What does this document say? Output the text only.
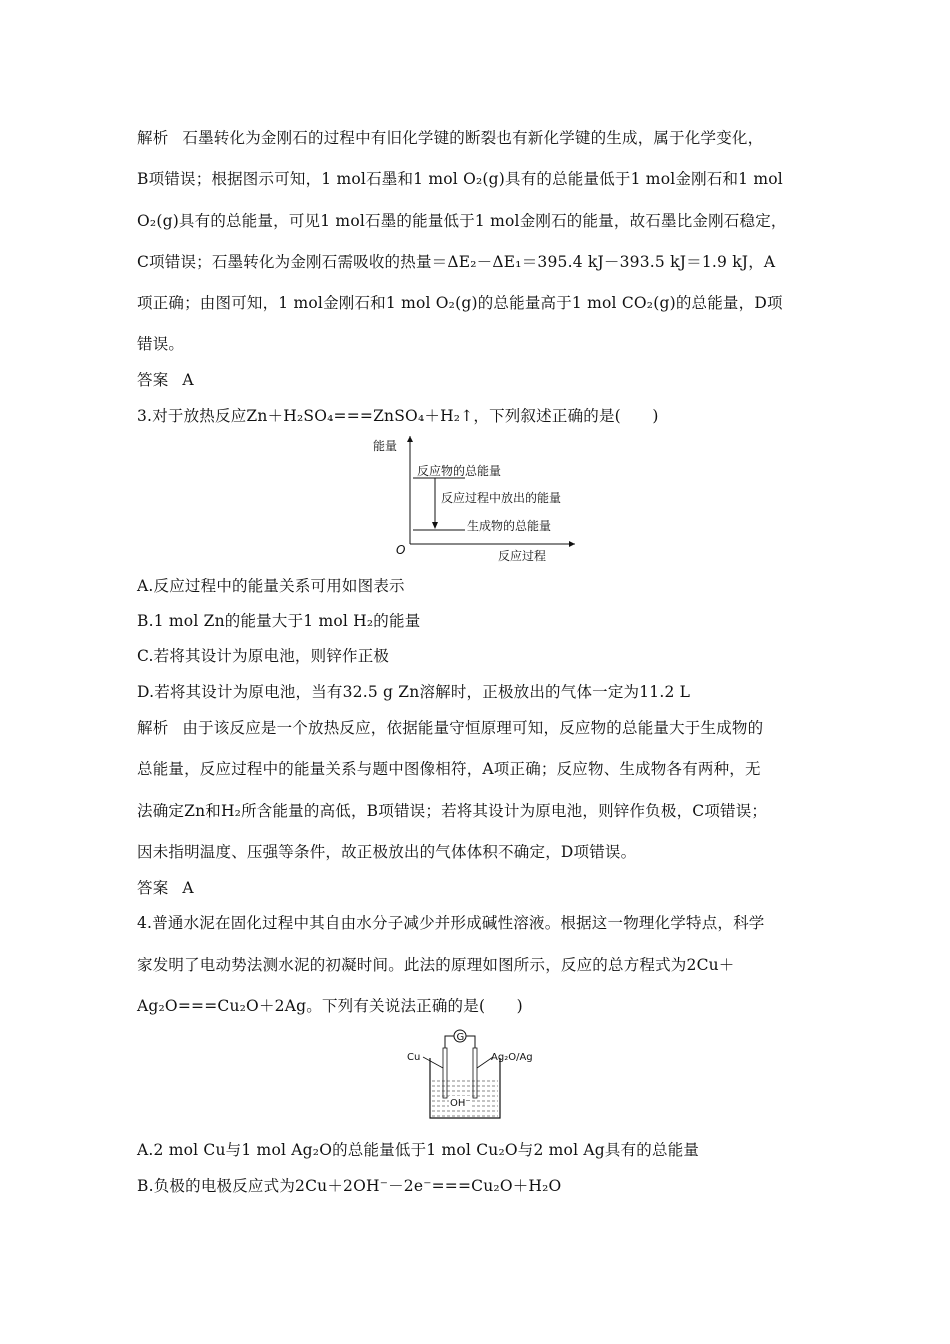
解析 石墨转化为金刚石的过程中有旧化学键的断裂也有新化学键的生成，属于化学变化，
B项错误；根据图示可知，1 mol石墨和1 mol O₂(g)具有的总能量低于1 mol金刚石和1 mol
O₂(g)具有的总能量，可见1 mol石墨的能量低于1 mol金刚石的能量，故石墨比金刚石稳定，
C项错误；石墨转化为金刚石需吸收的热量＝ΔE₂－ΔE₁＝395.4 kJ－393.5 kJ＝1.9 kJ，A
项正确；由图可知，1 mol金刚石和1 mol O₂(g)的总能量高于1 mol CO₂(g)的总能量，D项
错误。
答案 A
3.对于放热反应Zn＋H₂SO₄===ZnSO₄＋H₂↑，下列叙述正确的是(　　)
能量
O	反应过程
反应物的总能量
反应过程中放出的能量
生成物的总能量
A.反应过程中的能量关系可用如图表示
B.1 mol Zn的能量大于1 mol H₂的能量
C.若将其设计为原电池，则锌作正极
D.若将其设计为原电池，当有32.5 g Zn溶解时，正极放出的气体一定为11.2 L
解析 由于该反应是一个放热反应，依据能量守恒原理可知，反应物的总能量大于生成物的
总能量，反应过程中的能量关系与题中图像相符，A项正确；反应物、生成物各有两种，无
法确定Zn和H₂所含能量的高低，B项错误；若将其设计为原电池，则锌作负极，C项错误；
因未指明温度、压强等条件，故正极放出的气体体积不确定，D项错误。
答案 A
4.普通水泥在固化过程中其自由水分子减少并形成碱性溶液。根据这一物理化学特点，科学
家发明了电动势法测水泥的初凝时间。此法的原理如图所示，反应的总方程式为2Cu＋
Ag₂O===Cu₂O＋2Ag。下列有关说法正确的是(　　)
G
OH⁻
Cu	Ag₂O/Ag
A.2 mol Cu与1 mol Ag₂O的总能量低于1 mol Cu₂O与2 mol Ag具有的总能量
B.负极的电极反应式为2Cu＋2OH⁻－2e⁻===Cu₂O＋H₂O
